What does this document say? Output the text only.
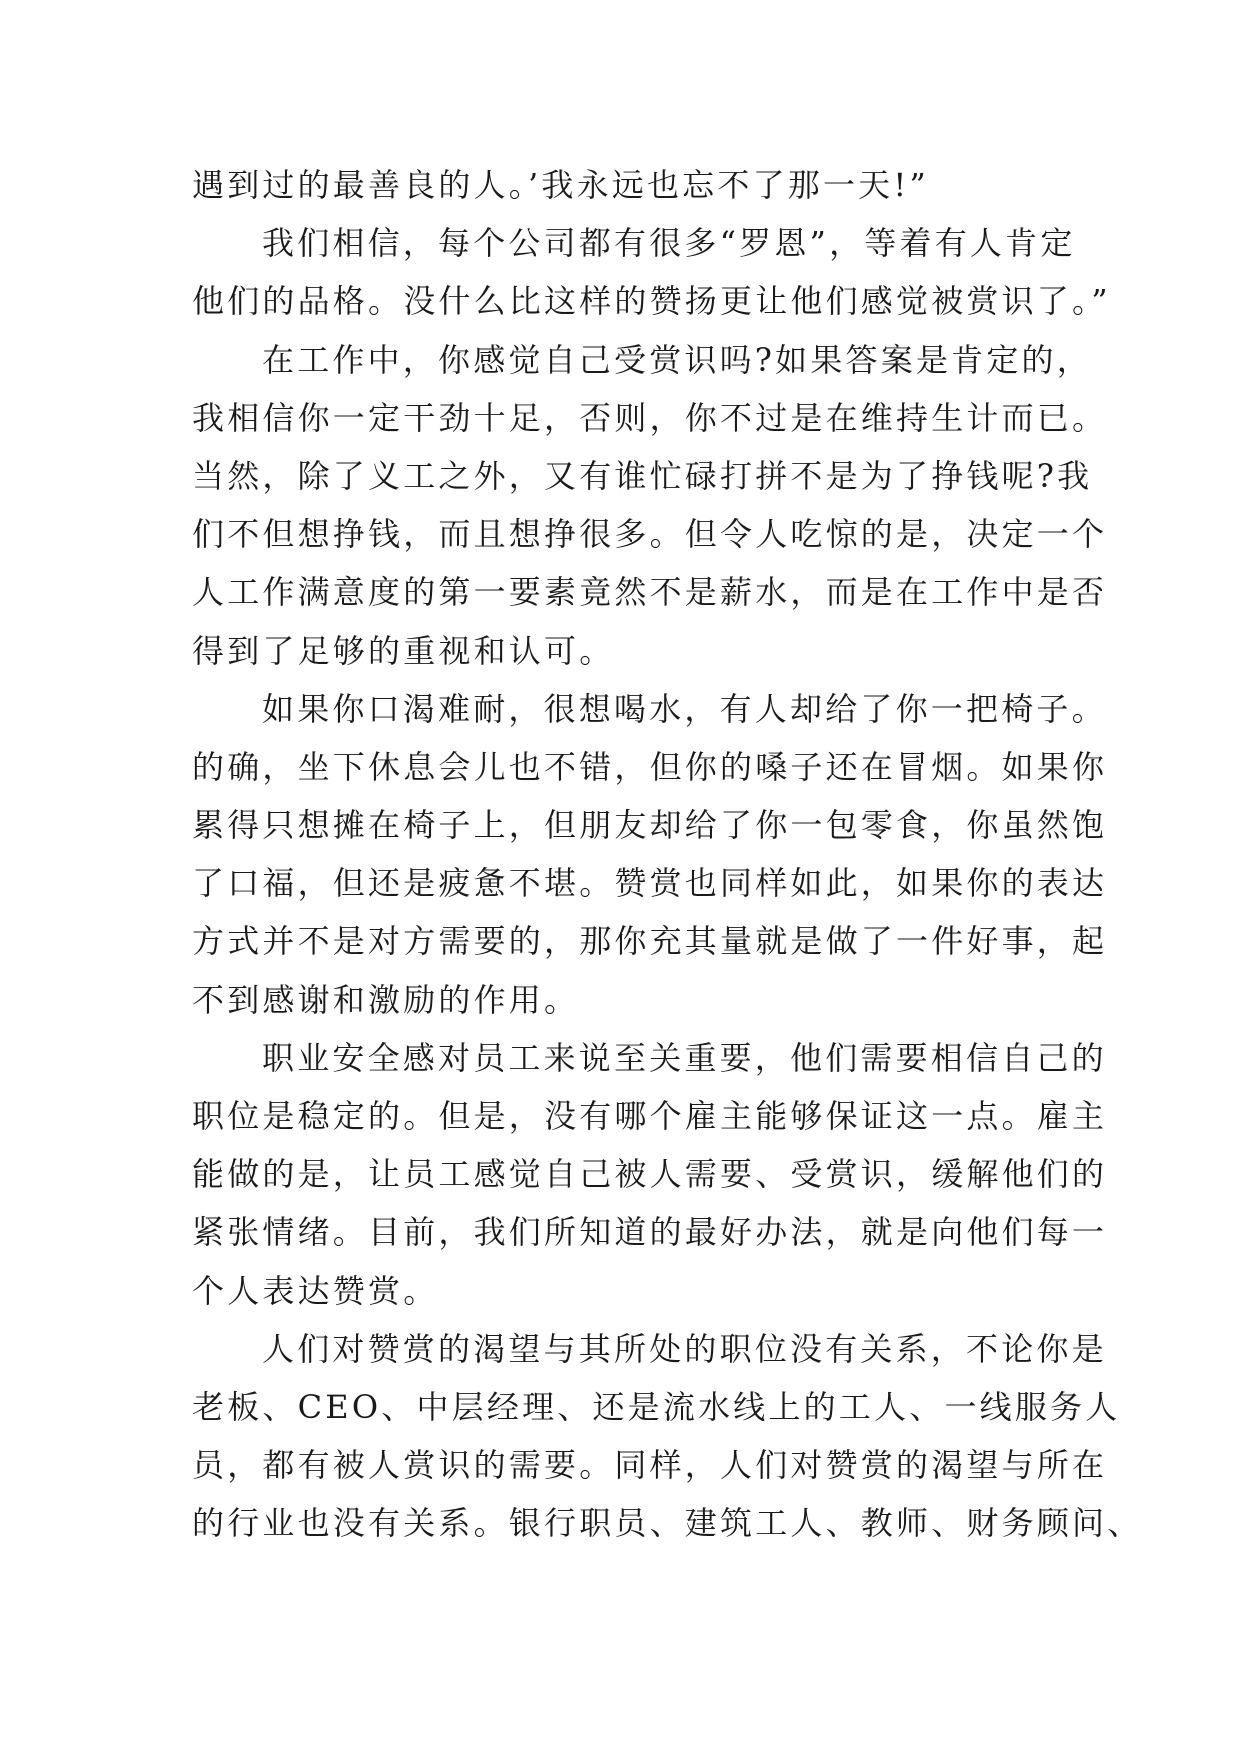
遇到过的最善良的人。’我永远也忘不了那一天!”
我们相信，每个公司都有很多“罗恩”，等着有人肯定
他们的品格。没什么比这样的赞扬更让他们感觉被赏识了。”
在工作中，你感觉自己受赏识吗?如果答案是肯定的，
我相信你一定干劲十足，否则，你不过是在维持生计而已。
当然，除了义工之外，又有谁忙碌打拼不是为了挣钱呢?我
们不但想挣钱，而且想挣很多。但令人吃惊的是，决定一个
人工作满意度的第一要素竟然不是薪水，而是在工作中是否
得到了足够的重视和认可。
如果你口渴难耐，很想喝水，有人却给了你一把椅子。
的确，坐下休息会儿也不错，但你的嗓子还在冒烟。如果你
累得只想摊在椅子上，但朋友却给了你一包零食，你虽然饱
了口福，但还是疲惫不堪。赞赏也同样如此，如果你的表达
方式并不是对方需要的，那你充其量就是做了一件好事，起
不到感谢和激励的作用。
职业安全感对员工来说至关重要，他们需要相信自己的
职位是稳定的。但是，没有哪个雇主能够保证这一点。雇主
能做的是，让员工感觉自己被人需要、受赏识，缓解他们的
紧张情绪。目前，我们所知道的最好办法，就是向他们每一
个人表达赞赏。
人们对赞赏的渴望与其所处的职位没有关系，不论你是
老板、CEO、中层经理、还是流水线上的工人、一线服务人
员，都有被人赏识的需要。同样，人们对赞赏的渴望与所在
的行业也没有关系。银行职员、建筑工人、教师、财务顾问、
